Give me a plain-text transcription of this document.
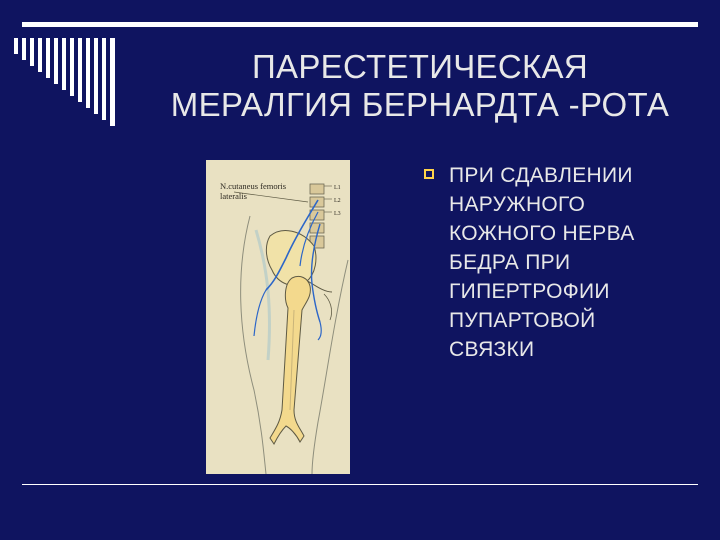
ПАРЕСТЕТИЧЕСКАЯ
МЕРАЛГИЯ БЕРНАРДТА -РОТА
N.cutaneus femoris
lateralis
L1
L2
L3
ПРИ СДАВЛЕНИИ
НАРУЖНОГО
КОЖНОГО НЕРВА
БЕДРА ПРИ
ГИПЕРТРОФИИ
ПУПАРТОВОЙ
СВЯЗКИ
